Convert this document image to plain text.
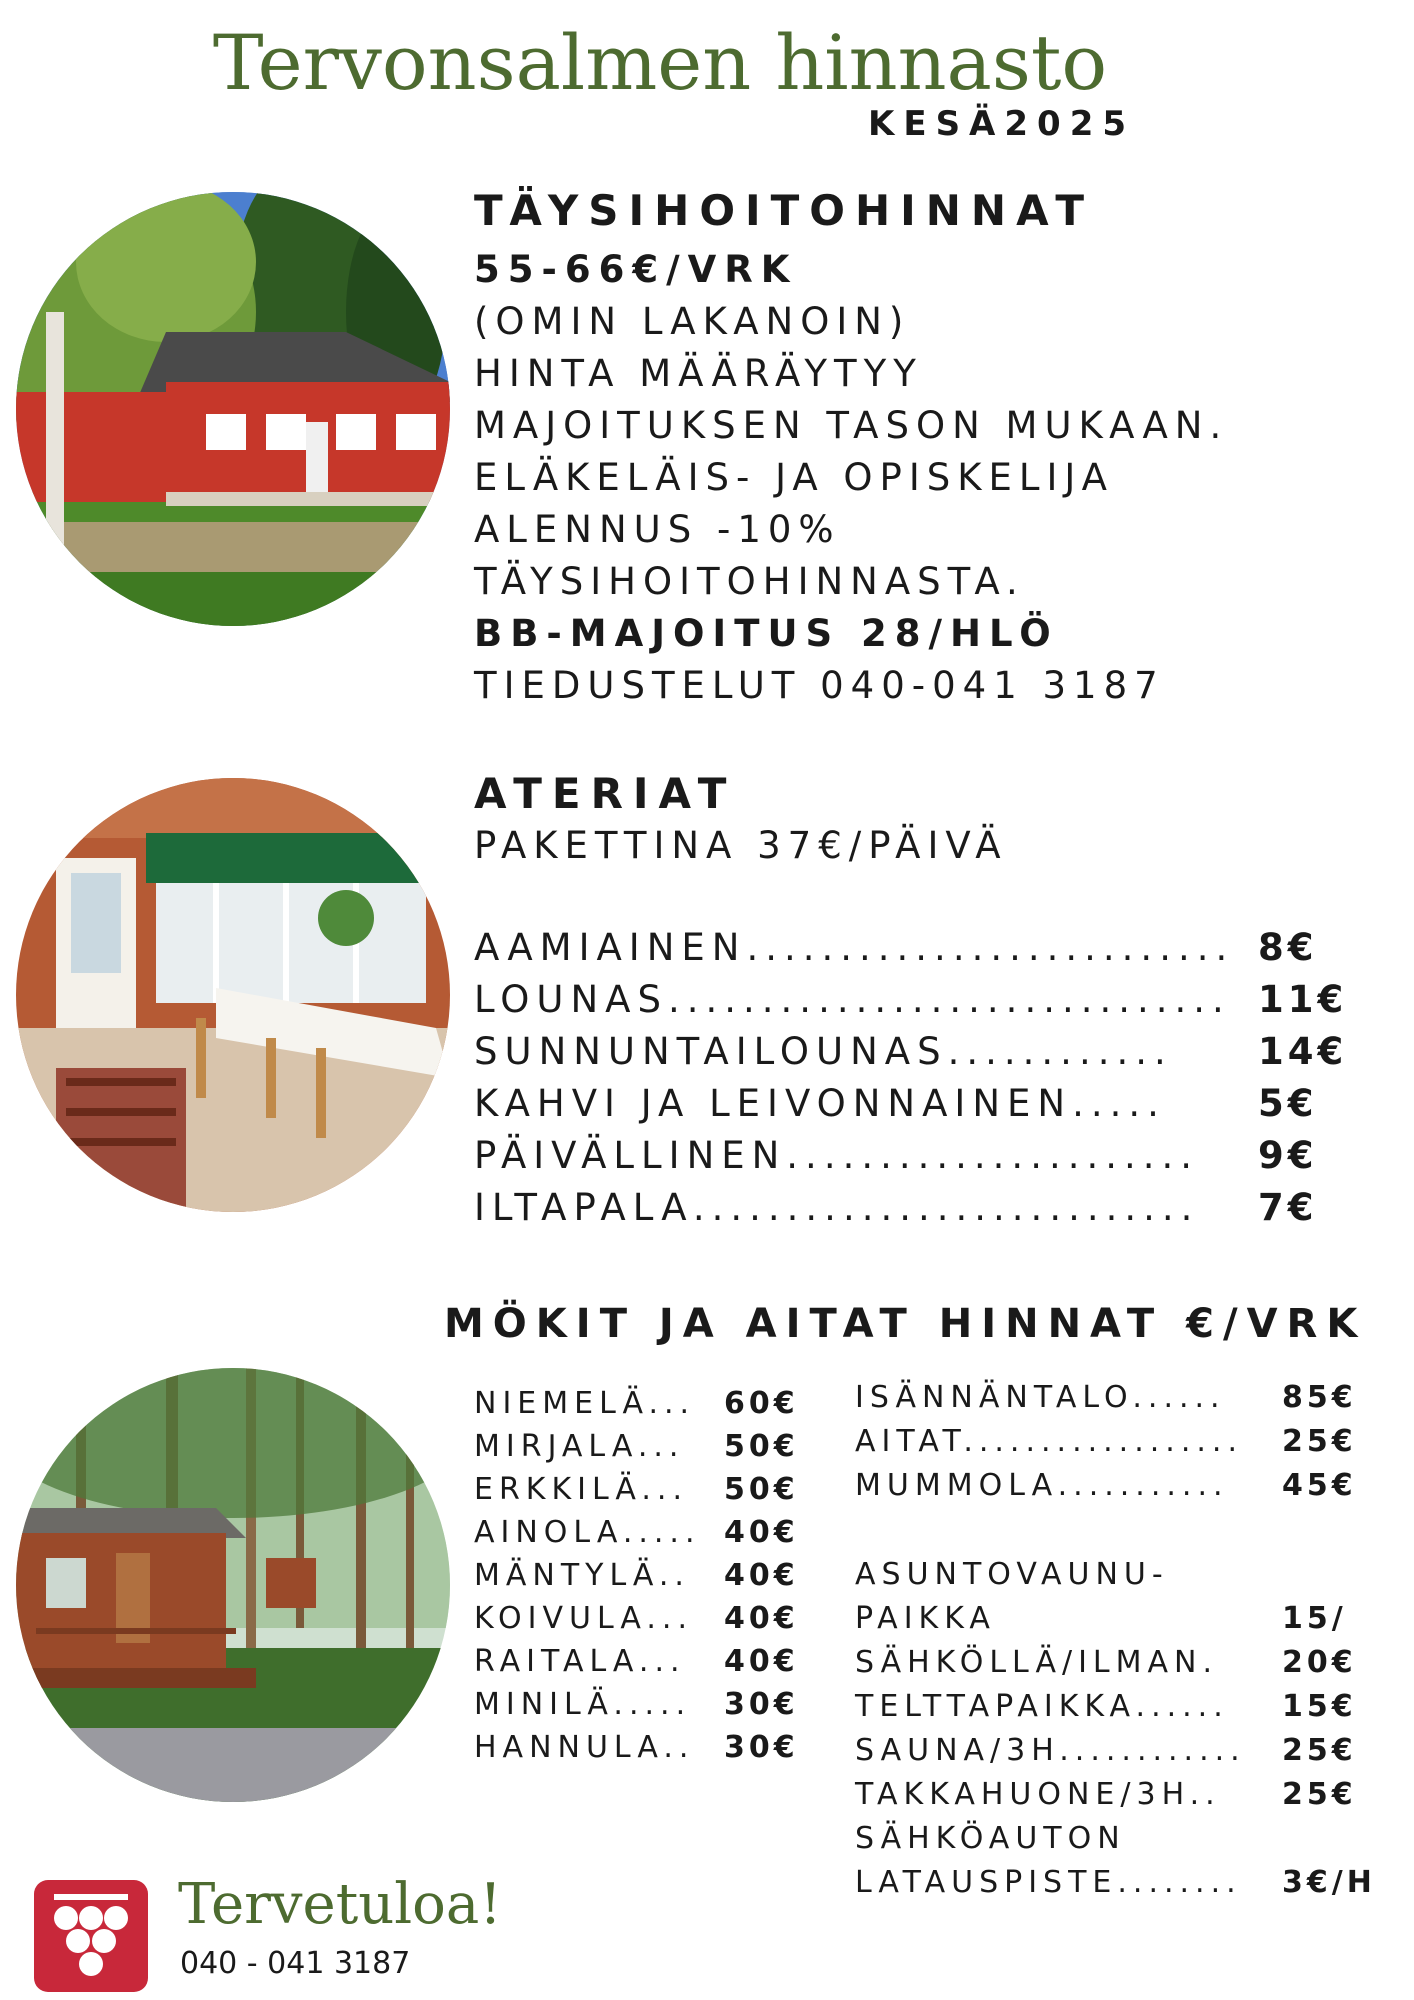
Tervonsalmen hinnasto
KESÄ2025
TÄYSIHOITOHINNAT
55-66€/VRK
(OMIN LAKANOIN)
HINTA MÄÄRÄYTYY
MAJOITUKSEN TASON MUKAAN.
ELÄKELÄIS- JA OPISKELIJA
ALENNUS -10%
TÄYSIHOITOHINNASTA.
BB-MAJOITUS 28/HLÖ
TIEDUSTELUT 040-041 3187
ATERIAT
PAKETTINA 37€/PÄIVÄ
AAMIAINEN.......................... 8€
LOUNAS.............................. 11€
SUNNUNTAILOUNAS............ 14€
KAHVI JA LEIVONNAINEN..... 5€
PÄIVÄLLINEN...................... 9€
ILTAPALA........................... 7€
MÖKIT JA AITAT HINNAT €/VRK
NIEMELÄ... 60€
MIRJALA... 50€
ERKKILÄ... 50€
AINOLA..... 40€
MÄNTYLÄ.. 40€
KOIVULA... 40€
RAITALA... 40€
MINILÄ..... 30€
HANNULA.. 30€
ISÄNNÄNTALO...... 85€
AITAT.................. 25€
MUMMOLA........... 45€
ASUNTOVAUNU-
PAIKKA	15/
SÄHKÖLLÄ/ILMAN. 20€
TELTTAPAIKKA...... 15€
SAUNA/3H............ 25€
TAKKAHUONE/3H.. 25€
SÄHKÖAUTON
LATAUSPISTE........ 3€/H
Tervetuloa!
040 - 041 3187
